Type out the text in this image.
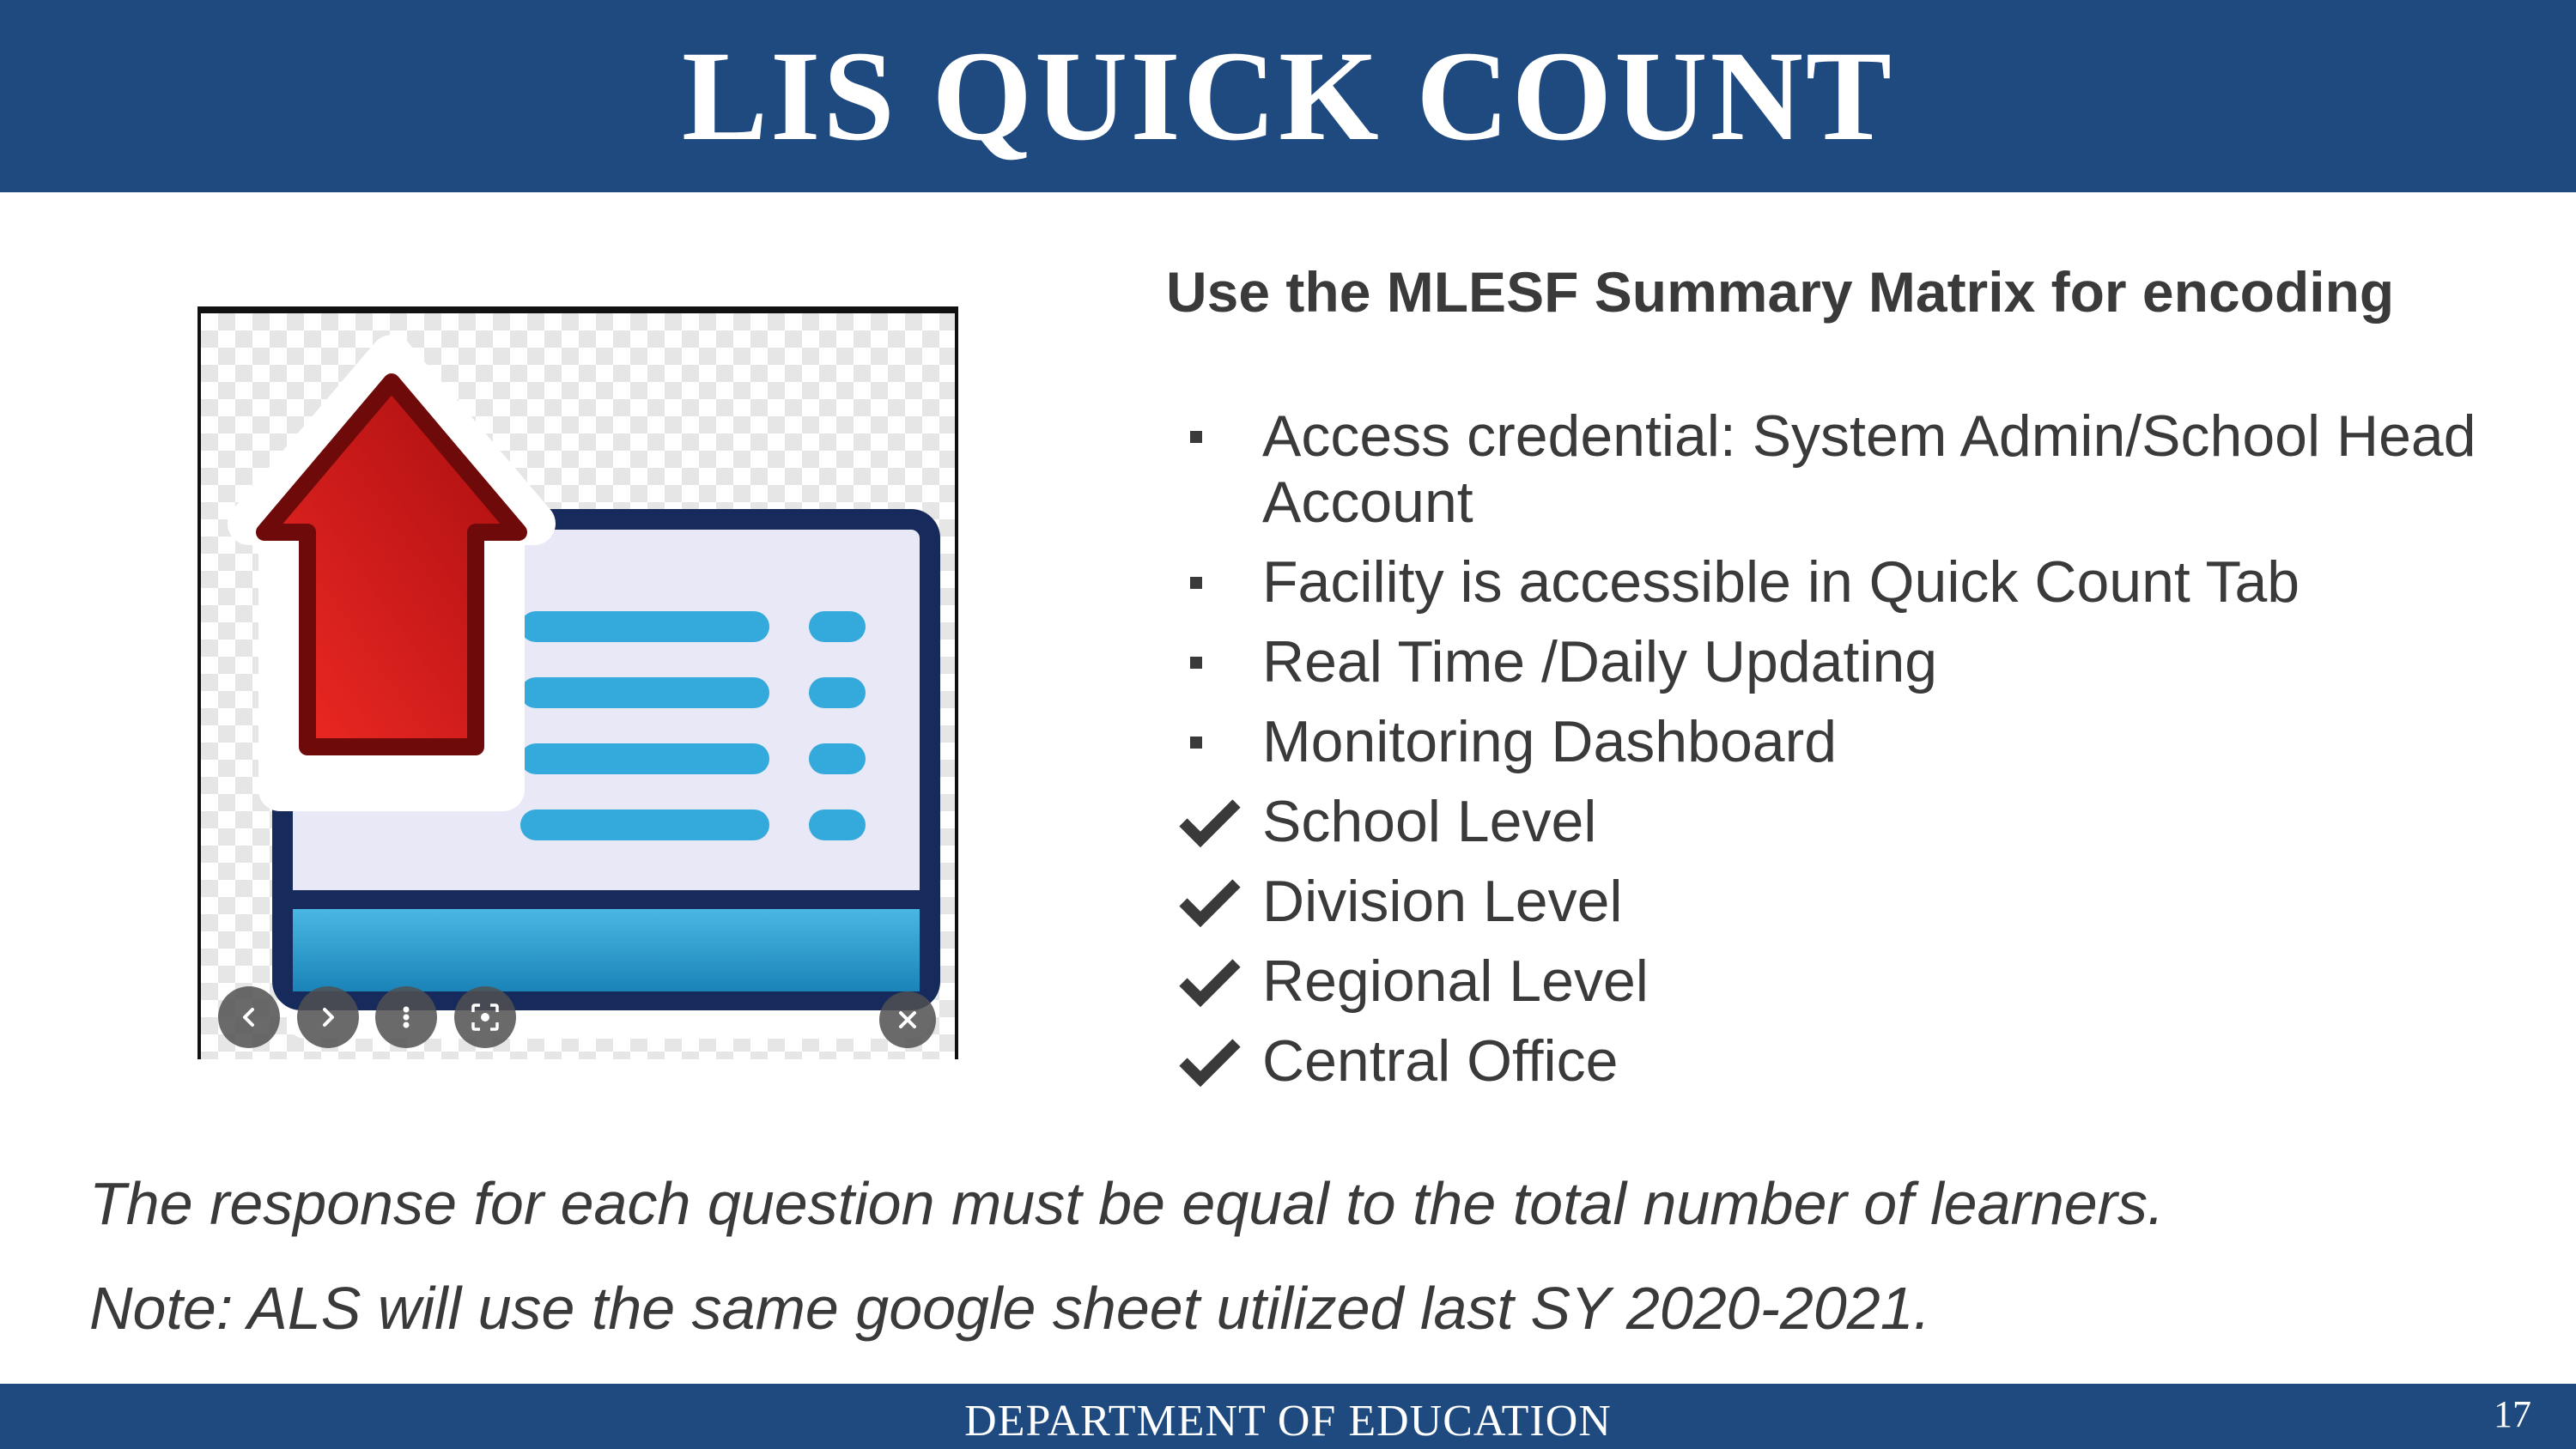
LIS QUICK COUNT
Use the MLESF Summary Matrix for encoding
Access credential: System Admin/School Head Account
Facility is accessible in Quick Count Tab
Real Time /Daily Updating
Monitoring Dashboard
School Level
Division Level
Regional Level
Central Office
The response for each question must be equal to the total number of learners.
Note: ALS will use the same google sheet utilized last SY 2020-2021.
DEPARTMENT OF EDUCATION	17
